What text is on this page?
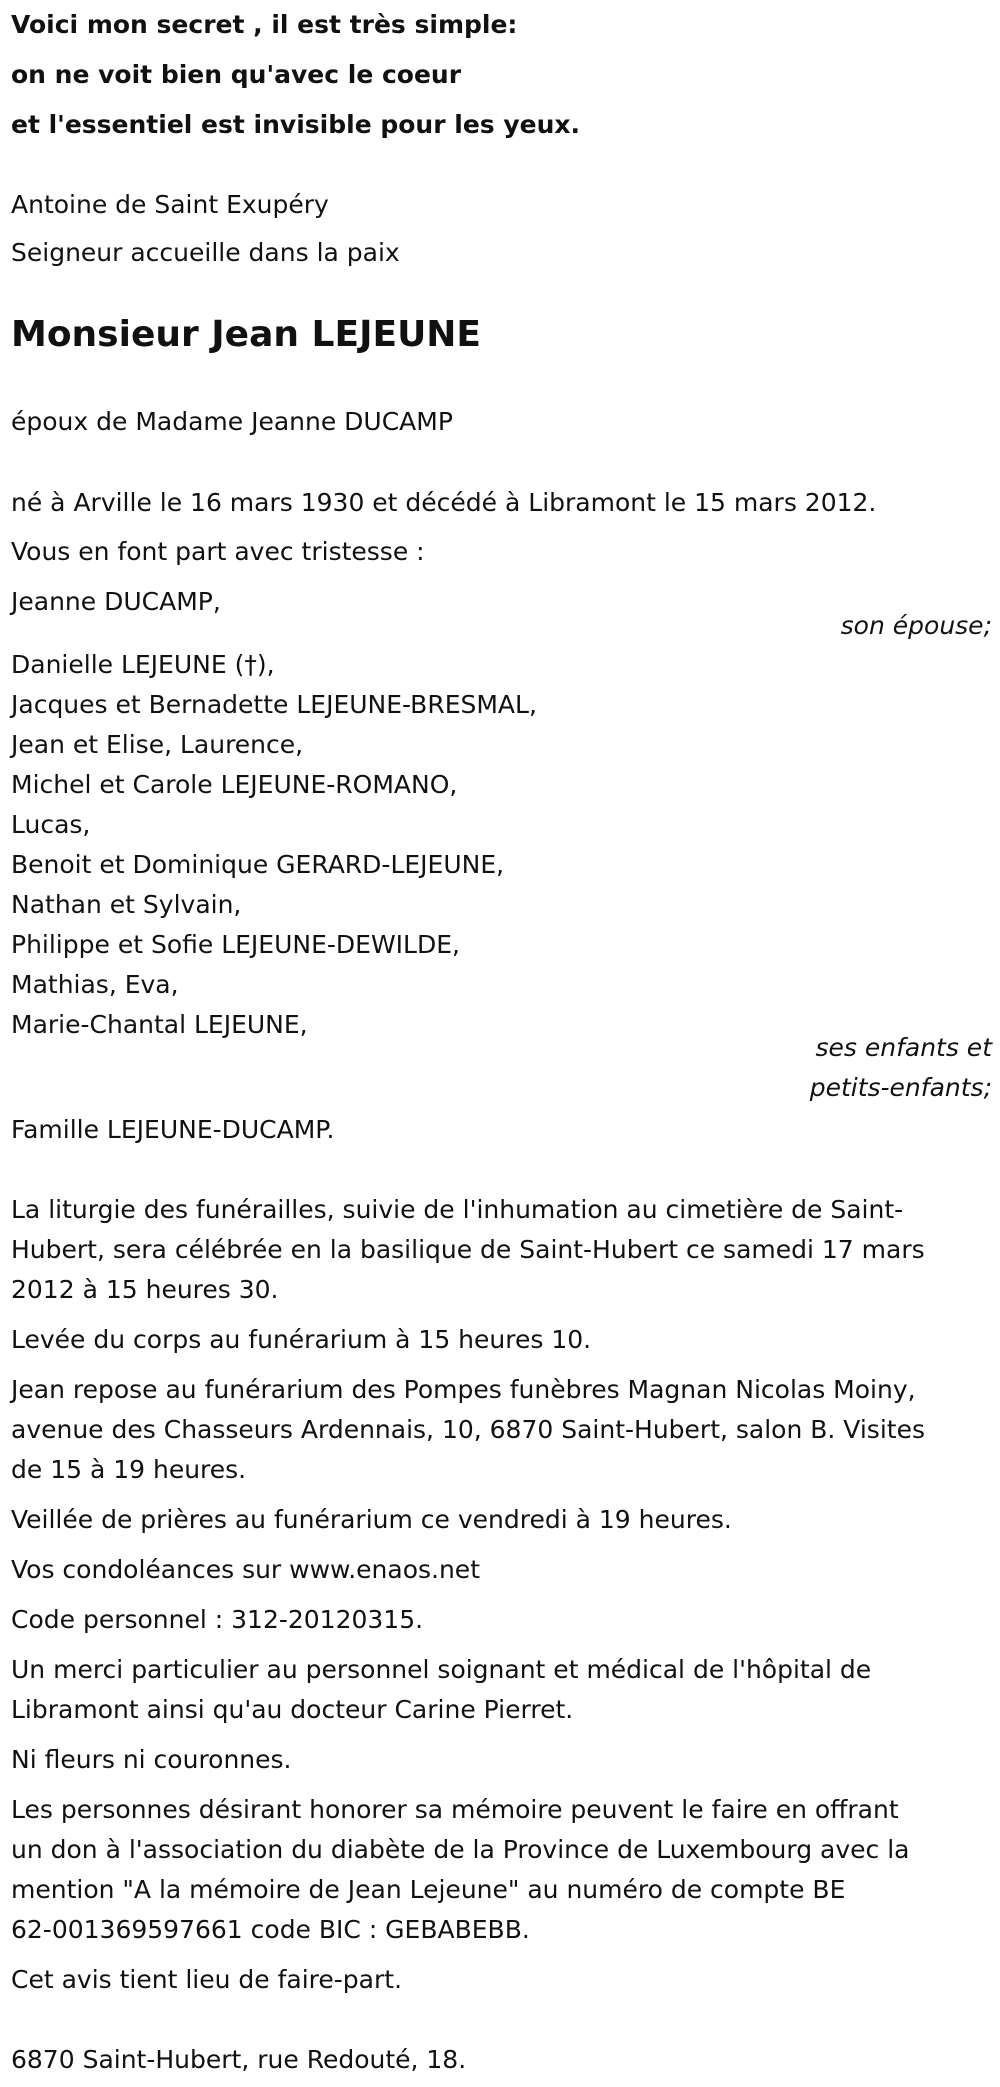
Voici mon secret , il est très simple:

on ne voit bien qu'avec le coeur

et l'essentiel est invisible pour les yeux.

Antoine de Saint Exupéry

Seigneur accueille dans la paix

Monsieur Jean LEJEUNE

époux de Madame Jeanne DUCAMP

né à Arville le 16 mars 1930 et décédé à Libramont le 15 mars 2012.

Vous en font part avec tristesse :

Jeanne DUCAMP,

son épouse;

Danielle LEJEUNE (†),

Jacques et Bernadette LEJEUNE-BRESMAL,

Jean et Elise, Laurence,

Michel et Carole LEJEUNE-ROMANO,

Lucas,

Benoit et Dominique GERARD-LEJEUNE,

Nathan et Sylvain,

Philippe et Sofie LEJEUNE-DEWILDE,

Mathias, Eva,

Marie-Chantal LEJEUNE,

ses enfants et

petits-enfants;

Famille LEJEUNE-DUCAMP.

La liturgie des funérailles, suivie de l'inhumation au cimetière de Saint-

Hubert, sera célébrée en la basilique de Saint-Hubert ce samedi 17 mars

2012 à 15 heures 30.

Levée du corps au funérarium à 15 heures 10.

Jean repose au funérarium des Pompes funèbres Magnan Nicolas Moiny,

avenue des Chasseurs Ardennais, 10, 6870 Saint-Hubert, salon B. Visites

de 15 à 19 heures.

Veillée de prières au funérarium ce vendredi à 19 heures.

Vos condoléances sur www.enaos.net

Code personnel : 312-20120315.

Un merci particulier au personnel soignant et médical de l'hôpital de

Libramont ainsi qu'au docteur Carine Pierret.

Ni fleurs ni couronnes.

Les personnes désirant honorer sa mémoire peuvent le faire en offrant

un don à l'association du diabète de la Province de Luxembourg avec la

mention "A la mémoire de Jean Lejeune" au numéro de compte BE

62-001369597661 code BIC : GEBABEBB.

Cet avis tient lieu de faire-part.

6870 Saint-Hubert, rue Redouté, 18.
